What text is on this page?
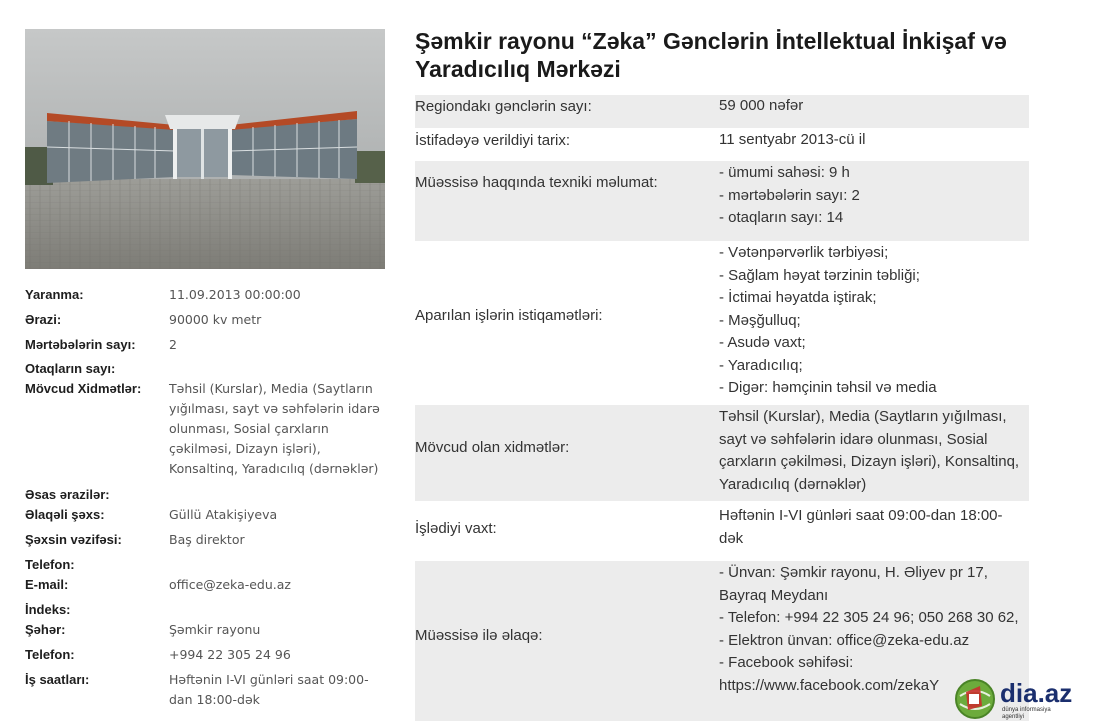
Yaranma:	11.09.2013 00:00:00
Ərazi:	90000 kv metr
Mərtəbələrin sayı:	2
Otaqların sayı:
Mövcud Xidmətlər:	Təhsil (Kurslar), Media (Saytların yığılması, sayt və səhfələrin idarə olunması, Sosial çarxların çəkilməsi, Dizayn işləri), Konsaltinq, Yaradıcılıq (dərnəklər)
Əsas ərazilər:
Əlaqəli şəxs:	Güllü Atakişiyeva
Şəxsin vəzifəsi:	Baş direktor
Telefon:
E-mail:	office@zeka-edu.az
İndeks:
Şəhər:	Şəmkir rayonu
Telefon:	+994 22 305 24 96
İş saatları:	Həftənin I-VI günləri saat 09:00-dan 18:00-dək
Şəmkir rayonu “Zəka” Gənclərin İntellektual İnkişaf və Yaradıcılıq Mərkəzi
Regiondakı gənclərin sayı:	59 000 nəfər
İstifadəyə verildiyi tarix:	11 sentyabr 2013-cü il
Müəssisə haqqında texniki məlumat:
- ümumi sahəsi: 9 h
- mərtəbələrin sayı: 2
- otaqların sayı: 14
Aparılan işlərin istiqamətləri:
- Vətənpərvərlik tərbiyəsi;
- Sağlam həyat tərzinin təbliği;
- İctimai həyatda iştirak;
- Məşğulluq;
- Asudə vaxt;
- Yaradıcılıq;
- Digər: həmçinin təhsil və media
Mövcud olan xidmətlər:
Təhsil (Kurslar), Media (Saytların yığılması, sayt və səhfələrin idarə olunması, Sosial çarxların çəkilməsi, Dizayn işləri), Konsaltinq, Yaradıcılıq (dərnəklər)
İşlədiyi vaxt:
Həftənin I-VI günləri saat 09:00-dan 18:00-dək
Müəssisə ilə əlaqə:
- Ünvan: Şəmkir rayonu, H. Əliyev pr 17, Bayraq Meydanı
- Telefon: +994 22 305 24 96; 050 268 30 62,
- Elektron ünvan: office@zeka-edu.az
- Facebook səhifəsi:
https://www.facebook.com/zekaY	dia.az
dünya informasiya agentliyi
